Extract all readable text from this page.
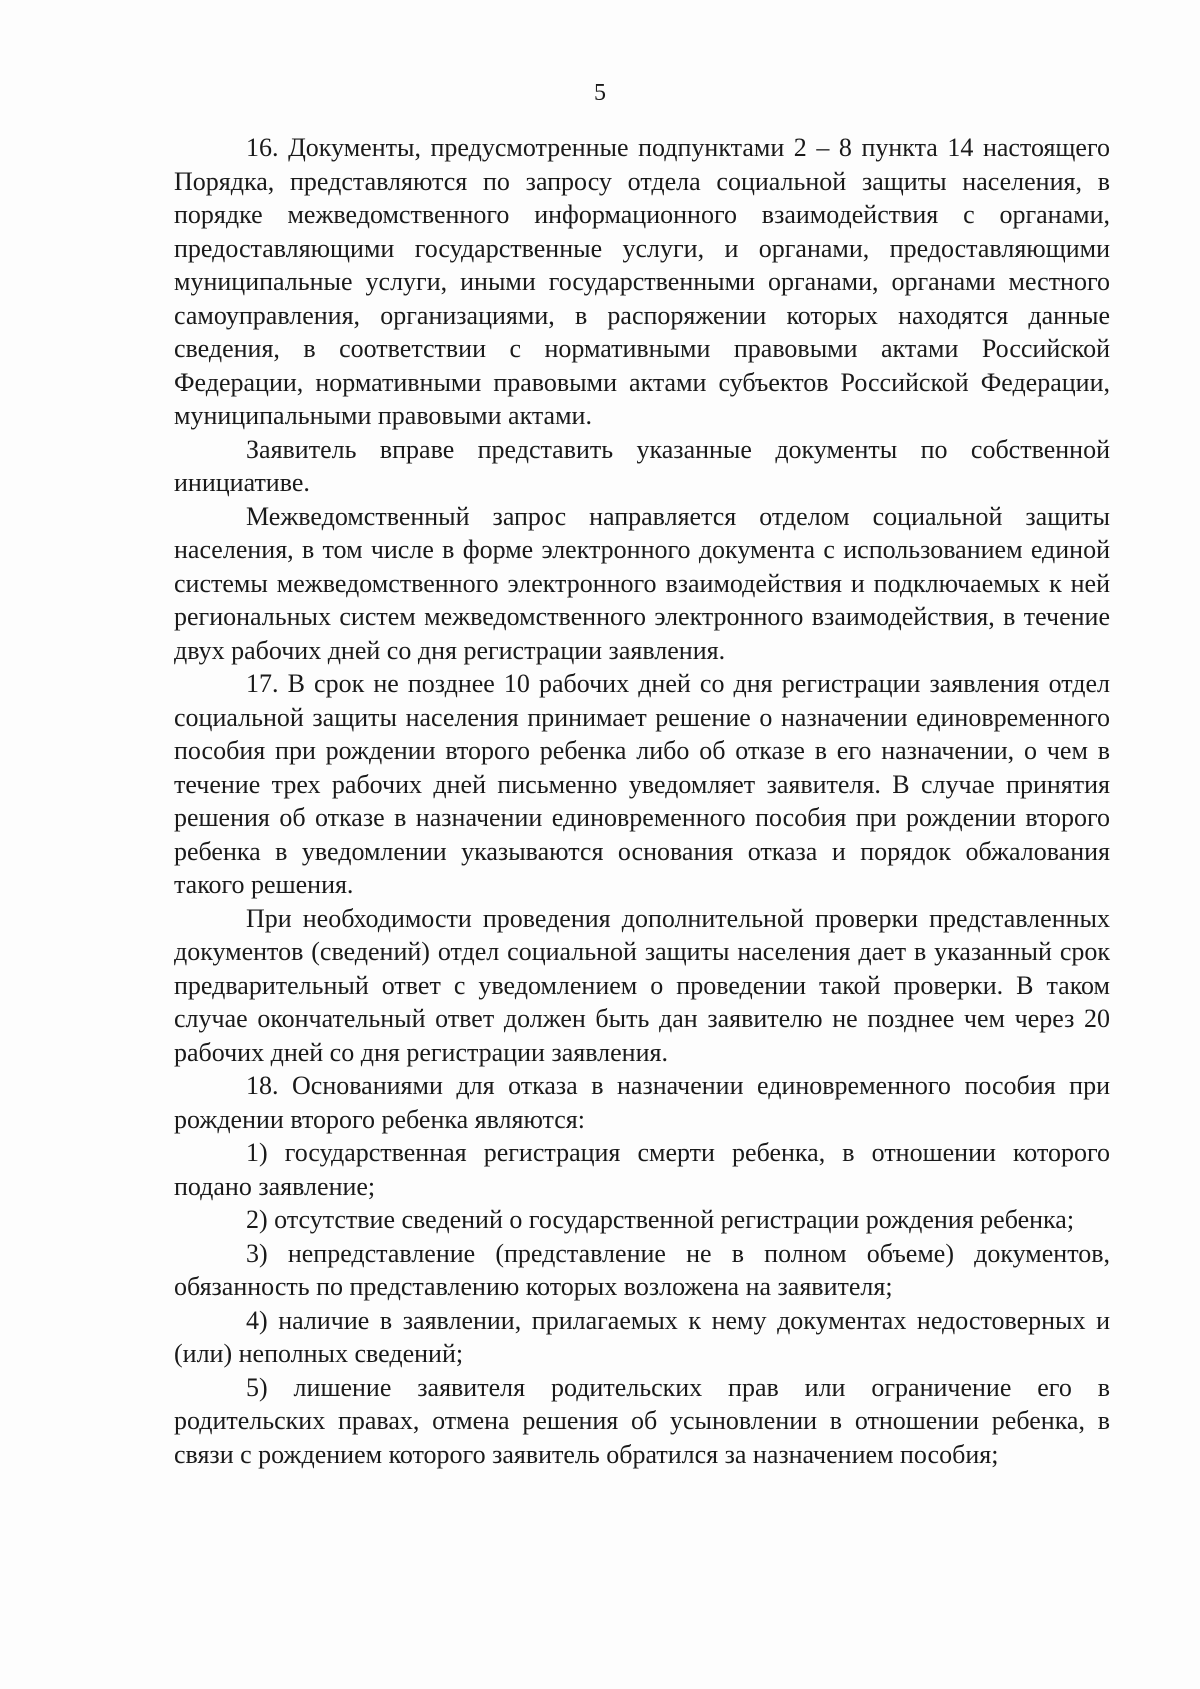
5

16. Документы, предусмотренные подпунктами 2 – 8 пункта 14 настоящего Порядка, представляются по запросу отдела социальной защиты населения, в порядке межведомственного информационного взаимодействия с органами, предоставляющими государственные услуги, и органами, предоставляющими муниципальные услуги, иными государственными органами, органами местного самоуправления, организациями, в распоряжении которых находятся данные сведения, в соответствии с нормативными правовыми актами Российской Федерации, нормативными правовыми актами субъектов Российской Федерации, муниципальными правовыми актами.

Заявитель вправе представить указанные документы по собственной инициативе.

Межведомственный запрос направляется отделом социальной защиты населения, в том числе в форме электронного документа с использованием единой системы межведомственного электронного взаимодействия и подключаемых к ней региональных систем межведомственного электронного взаимодействия, в течение двух рабочих дней со дня регистрации заявления.

17. В срок не позднее 10 рабочих дней со дня регистрации заявления отдел социальной защиты населения принимает решение о назначении единовременного пособия при рождении второго ребенка либо об отказе в его назначении, о чем в течение трех рабочих дней письменно уведомляет заявителя. В случае принятия решения об отказе в назначении единовременного пособия при рождении второго ребенка в уведомлении указываются основания отказа и порядок обжалования такого решения.

При необходимости проведения дополнительной проверки представленных документов (сведений) отдел социальной защиты населения дает в указанный срок предварительный ответ с уведомлением о проведении такой проверки. В таком случае окончательный ответ должен быть дан заявителю не позднее чем через 20 рабочих дней со дня регистрации заявления.

18. Основаниями для отказа в назначении единовременного пособия при рождении второго ребенка являются:

1) государственная регистрация смерти ребенка, в отношении которого подано заявление;

2) отсутствие сведений о государственной регистрации рождения ребенка;

3) непредставление (представление не в полном объеме) документов, обязанность по представлению которых возложена на заявителя;

4) наличие в заявлении, прилагаемых к нему документах недостоверных и (или) неполных сведений;

5) лишение заявителя родительских прав или ограничение его в родительских правах, отмена решения об усыновлении в отношении ребенка, в связи с рождением которого заявитель обратился за назначением пособия;
